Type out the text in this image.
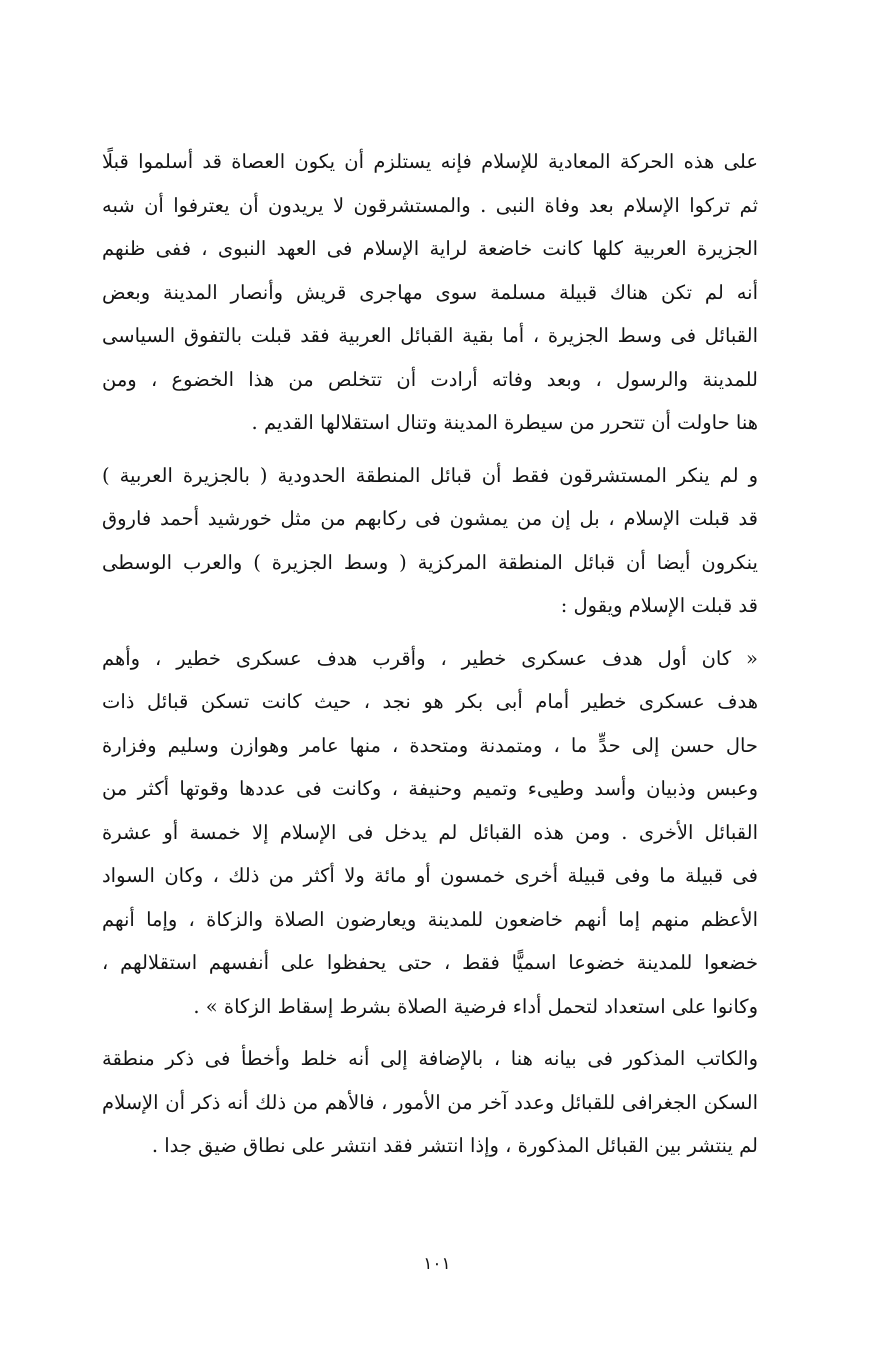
على هذه الحركة المعادية للإسلام فإنه يستلزم أن يكون العصاة قد أسلموا قبلًا
ثم تركوا الإسلام بعد وفاة النبى . والمستشرقون لا يريدون أن يعترفوا أن شبه
الجزيرة العربية كلها كانت خاضعة لراية الإسلام فى العهد النبوى ، ففى ظنهم
أنه لم تكن هناك قبيلة مسلمة سوى مهاجرى قريش وأنصار المدينة وبعض
القبائل فى وسط الجزيرة ، أما بقية القبائل العربية فقد قبلت بالتفوق السياسى
للمدينة والرسول ، وبعد وفاته أرادت أن تتخلص من هذا الخضوع ، ومن
هنا حاولت أن تتحرر من سيطرة المدينة وتنال استقلالها القديم .
و لم ينكر المستشرقون فقط أن قبائل المنطقة الحدودية ( بالجزيرة العربية )
قد قبلت الإسلام ، بل إن من يمشون فى ركابهم من مثل خورشيد أحمد فاروق
ينكرون أيضا أن قبائل المنطقة المركزية ( وسط الجزيرة ) والعرب الوسطى
قد قبلت الإسلام ويقول :
« كان أول هدف عسكرى خطير ، وأقرب هدف عسكرى خطير ، وأهم
هدف عسكرى خطير أمام أبى بكر هو نجد ، حيث كانت تسكن قبائل ذات
حال حسن إلى حدٍّ ما ، ومتمدنة ومتحدة ، منها عامر وهوازن وسليم وفزارة
وعبس وذبيان وأسد وطيىء وتميم وحنيفة ، وكانت فى عددها وقوتها أكثر من
القبائل الأخرى . ومن هذه القبائل لم يدخل فى الإسلام إلا خمسة أو عشرة
فى قبيلة ما وفى قبيلة أخرى خمسون أو مائة ولا أكثر من ذلك ، وكان السواد
الأعظم منهم إما أنهم خاضعون للمدينة ويعارضون الصلاة والزكاة ، وإما أنهم
خضعوا للمدينة خضوعا اسميًّا فقط ، حتى يحفظوا على أنفسهم استقلالهم ،
وكانوا على استعداد لتحمل أداء فرضية الصلاة بشرط إسقاط الزكاة » .
والكاتب المذكور فى بيانه هنا ، بالإضافة إلى أنه خلط وأخطأ فى ذكر منطقة
السكن الجغرافى للقبائل وعدد آخر من الأمور ، فالأهم من ذلك أنه ذكر أن الإسلام
لم ينتشر بين القبائل المذكورة ، وإذا انتشر فقد انتشر على نطاق ضيق جدا .
١٠١
